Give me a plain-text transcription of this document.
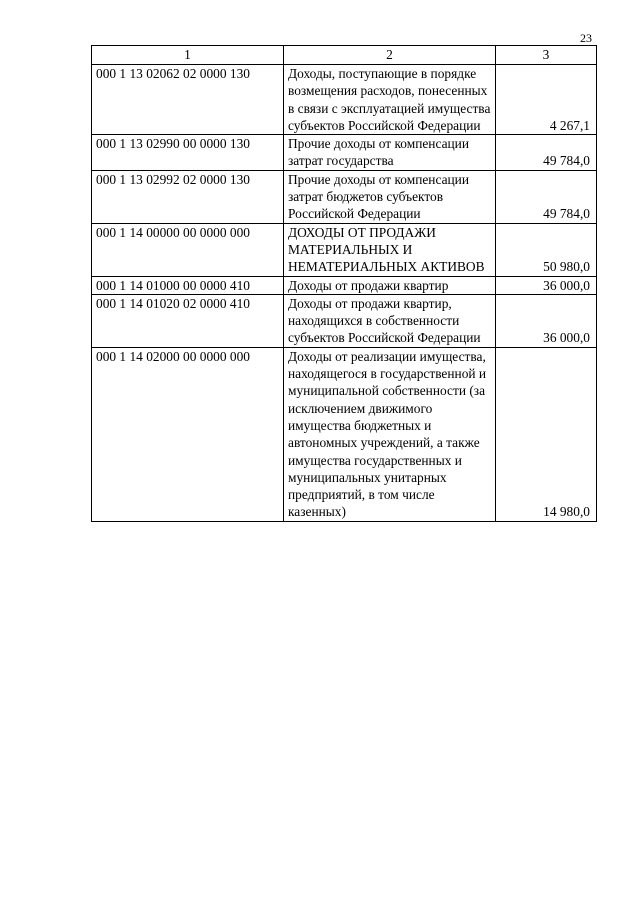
23
1	2	3
000 1 13 02062 02 0000 130	Доходы, поступающие в порядке возмещения расходов, понесенных в связи с эксплуатацией имущества субъектов Российской Федерации	4 267,1
000 1 13 02990 00 0000 130	Прочие доходы от компенсации затрат государства	49 784,0
000 1 13 02992 02 0000 130	Прочие доходы от компенсации затрат бюджетов субъектов Российской Федерации	49 784,0
000 1 14 00000 00 0000 000	ДОХОДЫ ОТ ПРОДАЖИ МАТЕРИАЛЬНЫХ И НЕМАТЕРИАЛЬНЫХ АКТИВОВ	50 980,0
000 1 14 01000 00 0000 410	Доходы от продажи квартир	36 000,0
000 1 14 01020 02 0000 410	Доходы от продажи квартир, находящихся в собственности субъектов Российской Федерации	36 000,0
000 1 14 02000 00 0000 000	Доходы от реализации имущества, находящегося в государственной и муниципальной собственности (за исключением движимого имущества бюджетных и автономных учреждений, а также имущества государственных и муниципальных унитарных предприятий, в том числе казенных)	14 980,0
